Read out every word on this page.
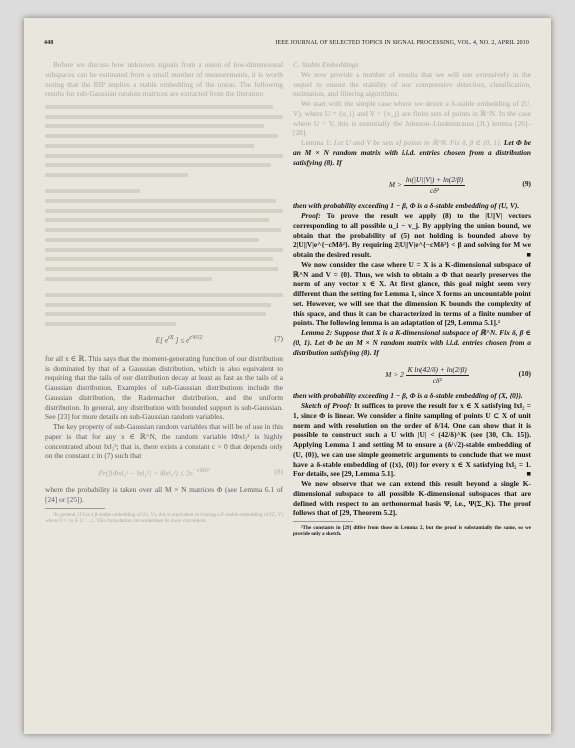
448	IEEE JOURNAL OF SELECTED TOPICS IN SIGNAL PROCESSING, VOL. 4, NO. 2, APRIL 2010

Before we discuss how unknown signals from a union of low-dimensional subspaces can be estimated from a small number of measurements, it is worth noting that the RIP implies a stable embedding of the union. The following results for sub-Gaussian random matrices are extracted from the literature.

E[ $e^{tX}$ ] ≤ $e^{c^2t^2/2}$	(7)

for all x ∈ ℝ. This says that the moment-generating function of our distribution is dominated by that of a Gaussian distribution, which is also equivalent to requiring that the tails of our distribution decay at least as fast as the tails of a Gaussian distribution. Examples of sub-Gaussian distributions include the Gaussian distribution, the Rademacher distribution, and the uniform distribution. In general, any distribution with bounded support is sub-Gaussian. See [23] for more details on sub-Gaussian random variables.

The key property of sub-Gaussian random variables that will be of use in this paper is that for any x ∈ ℝ^N, the random variable ‖Φx‖₂² is highly concentrated about ‖x‖₂²; that is, there exists a constant c > 0 that depends only on the constant c in (7) such that

Pr(|‖Φx‖₂² − ‖x‖₂²| > δ‖x‖₂²) ≤ $2e^{-cM\delta^2}$	(8)

where the probability is taken over all M × N matrices Φ (see Lemma 6.1 of [24] or [25]).

¹In general, if δ is a β-stable embedding of (U, V), this is equivalent to it being a δ′-stable embedding of (Ũ, V) where Ũ = {u ∈ U : ...}. This formulation can sometimes be more convenient.

C. Stable Embeddings

We now provide a number of results that we will use extensively in the sequel to ensure the stability of our compressive detection, classification, estimation, and filtering algorithms.

We start with the simple case where we desire a δ-stable embedding of (U, V), where U = {u_i} and V = {v_j} are finite sets of points in ℝ^N. In the case where U = V, this is essentially the Johnson–Lindenstrauss (JL) lemma [26]–[28].

Lemma 1: Let U and V be sets of points in ℝ^N. Fix δ, β ∈ (0, 1). Let Φ be an M × N random matrix with i.i.d. entries chosen from a distribution satisfying (8). If

$M > \frac{\ln(|U||V|) + \ln(2/\beta)}{\text{cδ²}}$	(9)

then with probability exceeding 1 − β, Φ is a δ-stable embedding of (U, V).

Proof: To prove the result we apply (8) to the |U||V| vectors corresponding to all possible u_i − v_j. By applying the union bound, we obtain that the probability of (5) not holding is bounded above by 2|U||V|e^{−cMδ²}. By requiring 2|U||V|e^{−cMδ²} < β and solving for M we obtain the desired result.	■

We now consider the case where U = X is a K-dimensional subspace of ℝ^N and V = {0}. Thus, we wish to obtain a Φ that nearly preserves the norm of any vector x ∈ X. At first glance, this goal might seem very different than the setting for Lemma 1, since X forms an uncountable point set. However, we will see that the dimension K bounds the complexity of this space, and thus it can be characterized in terms of a finite number of points. The following lemma is an adaptation of [29, Lemma 5.1].²

Lemma 2: Suppose that X is a K-dimensional subspace of ℝ^N. Fix δ, β ∈ (0, 1). Let Φ be an M × N random matrix with i.i.d. entries chosen from a distribution satisfying (8). If

$M > 2 \frac{\text{K ln(42/δ) + ln(2/β)}}{\text{cδ²}}$	(10)

then with probability exceeding 1 − β, Φ is a δ-stable embedding of (X, {0}).

Sketch of Proof: It suffices to prove the result for x ∈ X satisfying ‖x‖₂ = 1, since Φ is linear. We consider a finite sampling of points U ⊂ X of unit norm and with resolution on the order of δ/14. One can show that it is possible to construct such a U with |U| < (42/δ)^K (see [30, Ch. 15]). Applying Lemma 1 and setting M to ensure a (δ/√2)-stable embedding of (U, {0}), we can use simple geometric arguments to conclude that we must have a δ-stable embedding of ({x}, {0}) for every x ∈ X satisfying ‖x‖₂ = 1. For details, see [29, Lemma 5.1].	■

We now observe that we can extend this result beyond a single K-dimensional subspace to all possible K-dimensional subspaces that are defined with respect to an orthonormal basis Ψ, i.e., Ψ(Σ_K). The proof follows that of [29, Theorem 5.2].

²The constants in [29] differ from those in Lemma 2, but the proof is substantially the same, so we provide only a sketch.
